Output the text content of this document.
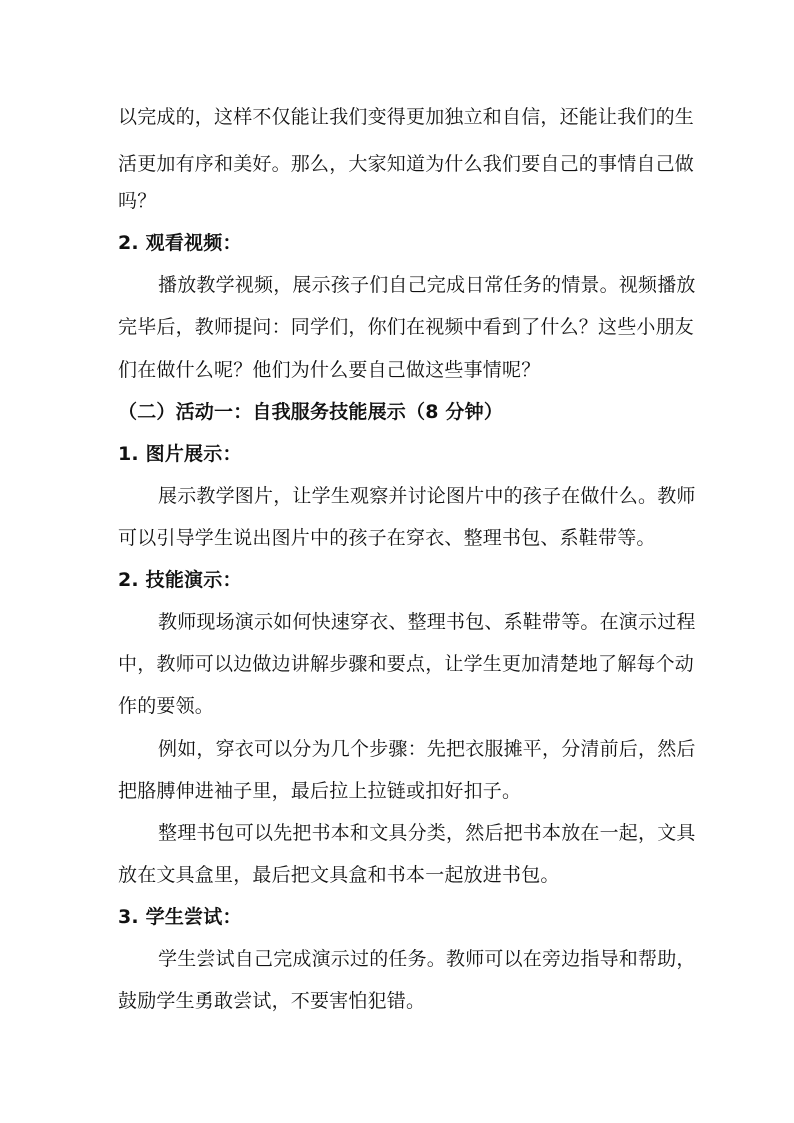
以完成的，这样不仅能让我们变得更加独立和自信，还能让我们的生
活更加有序和美好。那么，大家知道为什么我们要自己的事情自己做
吗？
2. 观看视频：
播放教学视频，展示孩子们自己完成日常任务的情景。视频播放
完毕后，教师提问：同学们，你们在视频中看到了什么？这些小朋友
们在做什么呢？他们为什么要自己做这些事情呢？
（二）活动一：自我服务技能展示（8 分钟）
1. 图片展示：
展示教学图片，让学生观察并讨论图片中的孩子在做什么。教师
可以引导学生说出图片中的孩子在穿衣、整理书包、系鞋带等。
2. 技能演示：
教师现场演示如何快速穿衣、整理书包、系鞋带等。在演示过程
中，教师可以边做边讲解步骤和要点，让学生更加清楚地了解每个动
作的要领。
例如，穿衣可以分为几个步骤：先把衣服摊平，分清前后，然后
把胳膊伸进袖子里，最后拉上拉链或扣好扣子。
整理书包可以先把书本和文具分类，然后把书本放在一起，文具
放在文具盒里，最后把文具盒和书本一起放进书包。
3. 学生尝试：
学生尝试自己完成演示过的任务。教师可以在旁边指导和帮助，
鼓励学生勇敢尝试，不要害怕犯错。
